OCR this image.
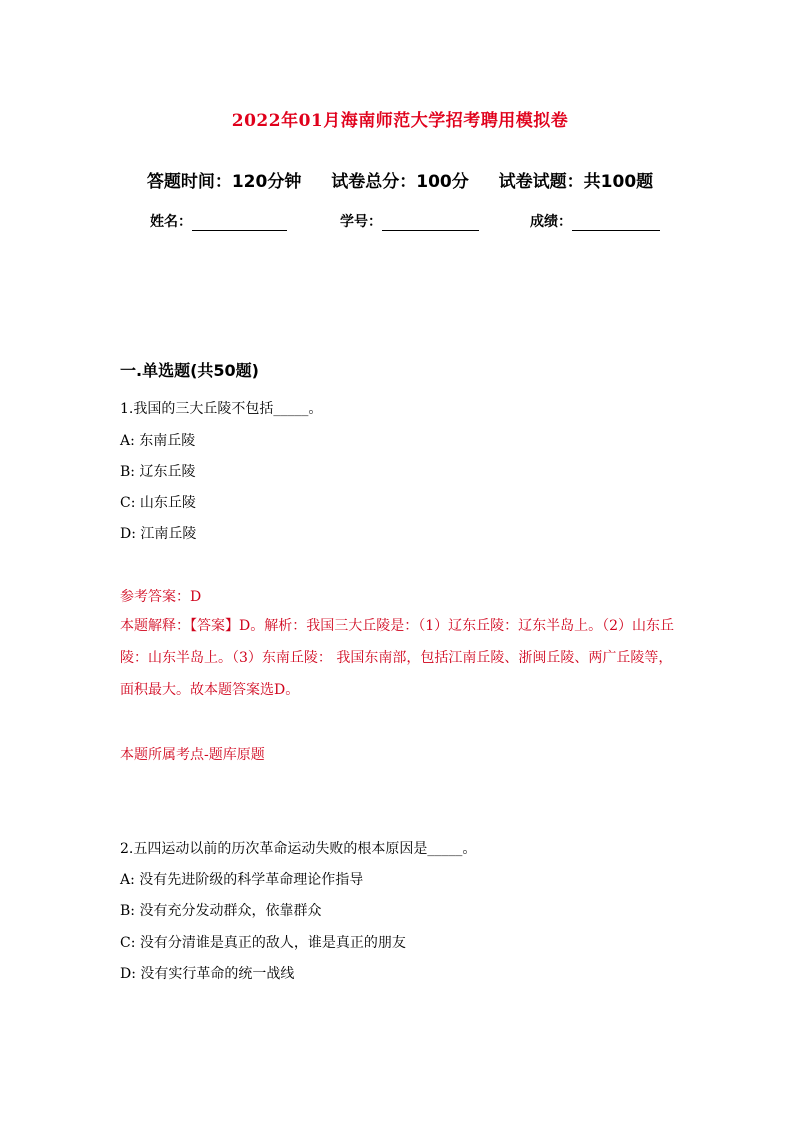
2022年01月海南师范大学招考聘用模拟卷
答题时间：120分钟 试卷总分：100分 试卷试题：共100题
姓名：	学号：	成绩：
一.单选题(共50题)
1.我国的三大丘陵不包括_____。
A: 东南丘陵
B: 辽东丘陵
C: 山东丘陵
D: 江南丘陵
参考答案：D
本题解释：【答案】D。解析：我国三大丘陵是：（1）辽东丘陵：辽东半岛上。（2）山东丘陵：山东半岛上。（3）东南丘陵： 我国东南部，包括江南丘陵、浙闽丘陵、两广丘陵等，面积最大。故本题答案选D。
本题所属考点-题库原题
2.五四运动以前的历次革命运动失败的根本原因是_____。
A: 没有先进阶级的科学革命理论作指导
B: 没有充分发动群众，依靠群众
C: 没有分清谁是真正的敌人，谁是真正的朋友
D: 没有实行革命的统一战线
